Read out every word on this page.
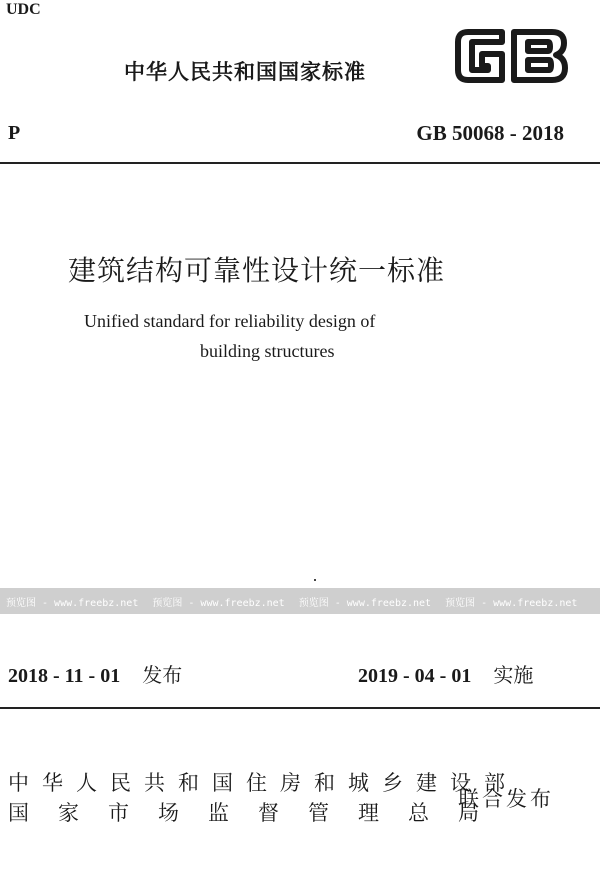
UDC
中华人民共和国国家标准
P	GB 50068 - 2018
建筑结构可靠性设计统一标准
Unified standard for reliability design of
building structures
预览图 - www.freebz.net 预览图 - www.freebz.net 预览图 - www.freebz.net 预览图 - www.freebz.net
2018 - 11 - 01 发布	2019 - 04 - 01 实施
中华人民共和国住房和城乡建设部
国家市场监督管理总局
联合发布
